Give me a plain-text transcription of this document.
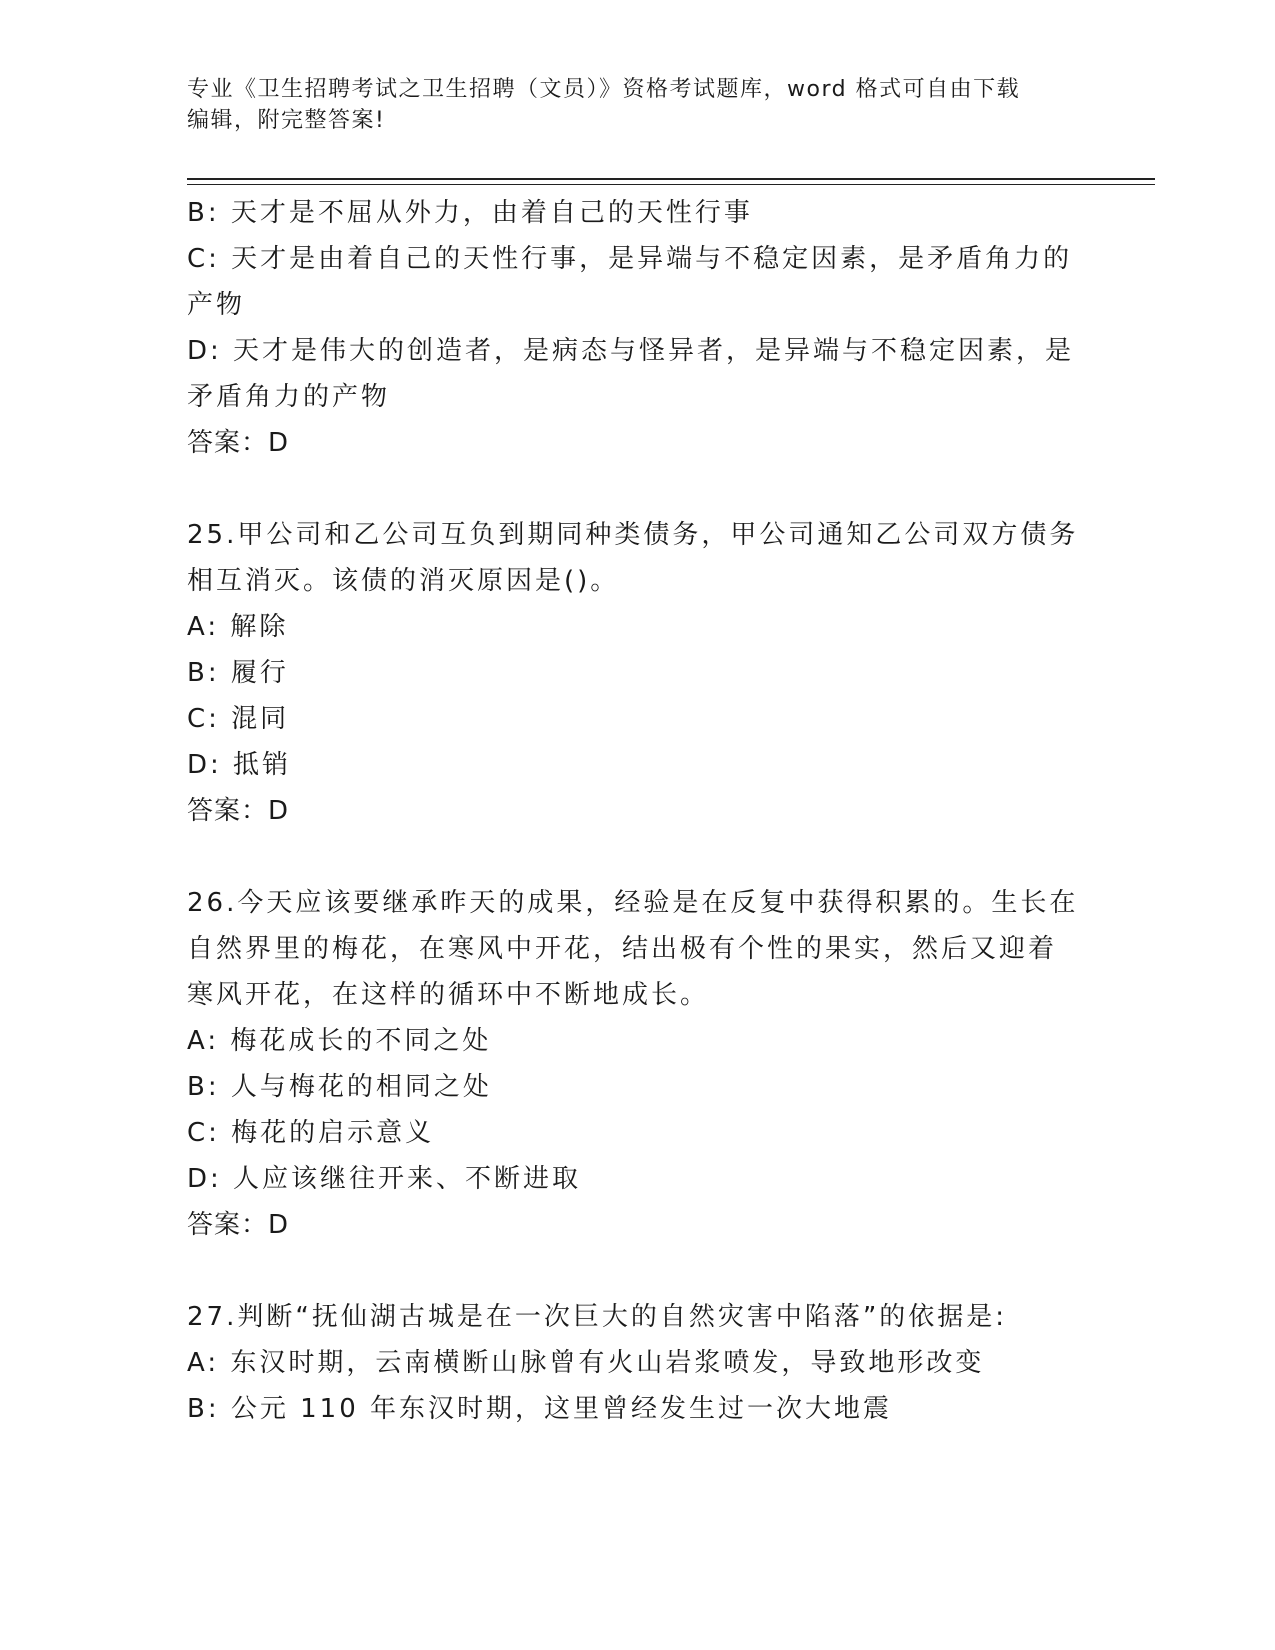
专业《卫生招聘考试之卫生招聘（文员）》资格考试题库，word 格式可自由下载
编辑，附完整答案!
B: 天才是不屈从外力，由着自己的天性行事
C: 天才是由着自己的天性行事，是异端与不稳定因素，是矛盾角力的
产物
D: 天才是伟大的创造者，是病态与怪异者，是异端与不稳定因素，是
矛盾角力的产物
答案：D
25.甲公司和乙公司互负到期同种类债务，甲公司通知乙公司双方债务
相互消灭。该债的消灭原因是()。
A: 解除
B: 履行
C: 混同
D: 抵销
答案：D
26.今天应该要继承昨天的成果，经验是在反复中获得积累的。生长在
自然界里的梅花，在寒风中开花，结出极有个性的果实，然后又迎着
寒风开花，在这样的循环中不断地成长。
A: 梅花成长的不同之处
B: 人与梅花的相同之处
C: 梅花的启示意义
D: 人应该继往开来、不断进取
答案：D
27.判断“抚仙湖古城是在一次巨大的自然灾害中陷落”的依据是:
A: 东汉时期，云南横断山脉曾有火山岩浆喷发，导致地形改变
B: 公元 110 年东汉时期，这里曾经发生过一次大地震
